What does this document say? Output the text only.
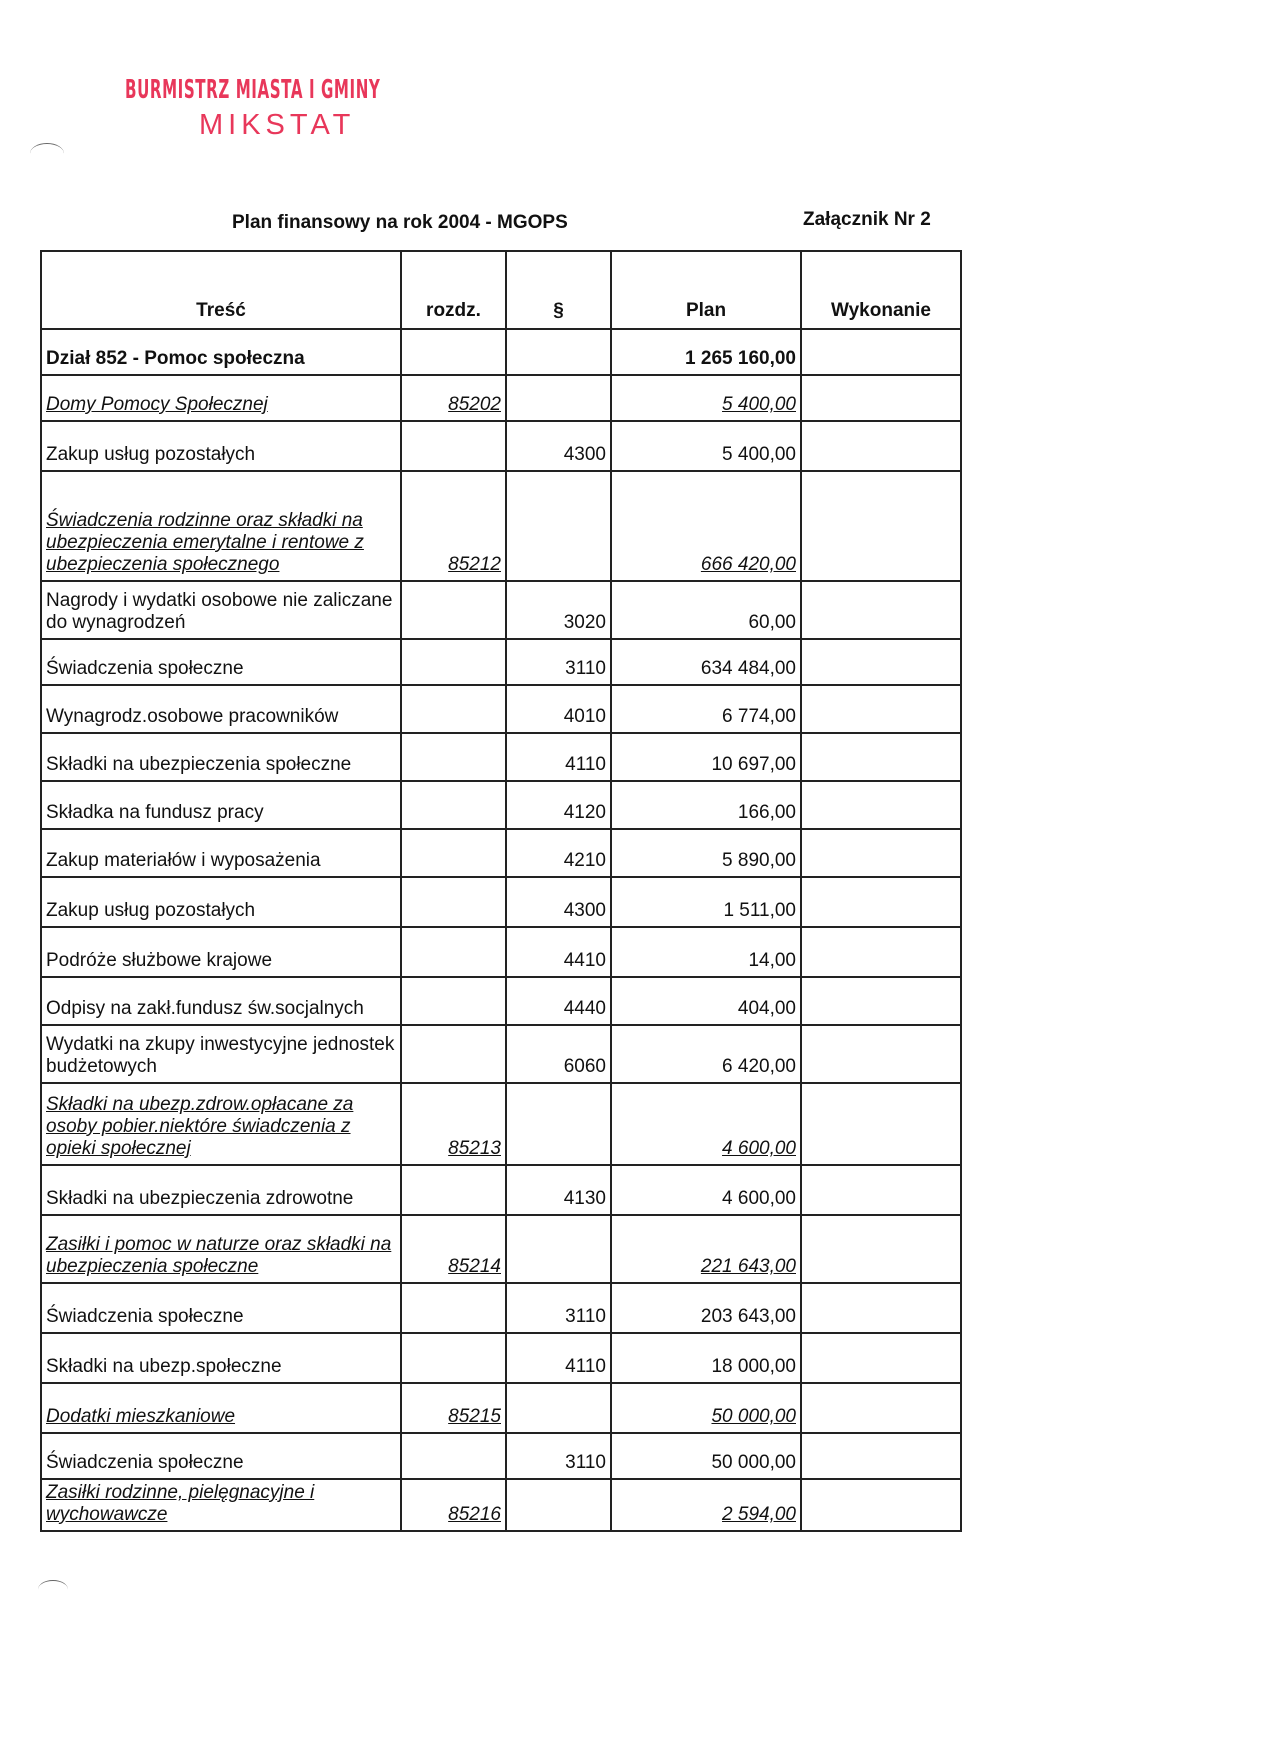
BURMISTRZ MIASTA I GMINY
MIKSTAT
Plan finansowy na rok 2004 - MGOPS	Załącznik Nr 2
Treść	rozdz.	§	Plan	Wykonanie
Dział 852 - Pomoc społeczna			1 265 160,00	
Domy Pomocy Społecznej	85202		5 400,00	
Zakup usług pozostałych		4300	5 400,00	
Świadczenia rodzinne oraz składki na ubezpieczenia emerytalne i rentowe z ubezpieczenia społecznego	85212		666 420,00	
Nagrody i wydatki osobowe nie zaliczane do wynagrodzeń		3020	60,00	
Świadczenia społeczne		3110	634 484,00	
Wynagrodz.osobowe pracowników		4010	6 774,00	
Składki na ubezpieczenia społeczne		4110	10 697,00	
Składka na fundusz pracy		4120	166,00	
Zakup materiałów i wyposażenia		4210	5 890,00	
Zakup usług pozostałych		4300	1 511,00	
Podróże służbowe krajowe		4410	14,00	
Odpisy na zakł.fundusz św.socjalnych		4440	404,00	
Wydatki na zkupy inwestycyjne jednostek budżetowych		6060	6 420,00	
Składki na ubezp.zdrow.opłacane za osoby pobier.niektóre świadczenia z opieki społecznej	85213		4 600,00	
Składki na ubezpieczenia zdrowotne		4130	4 600,00	
Zasiłki i pomoc w naturze oraz składki na ubezpieczenia społeczne	85214		221 643,00	
Świadczenia społeczne		3110	203 643,00	
Składki na ubezp.społeczne		4110	18 000,00	
Dodatki mieszkaniowe	85215		50 000,00	
Świadczenia społeczne		3110	50 000,00	
Zasiłki rodzinne, pielęgnacyjne i wychowawcze	85216		2 594,00	
